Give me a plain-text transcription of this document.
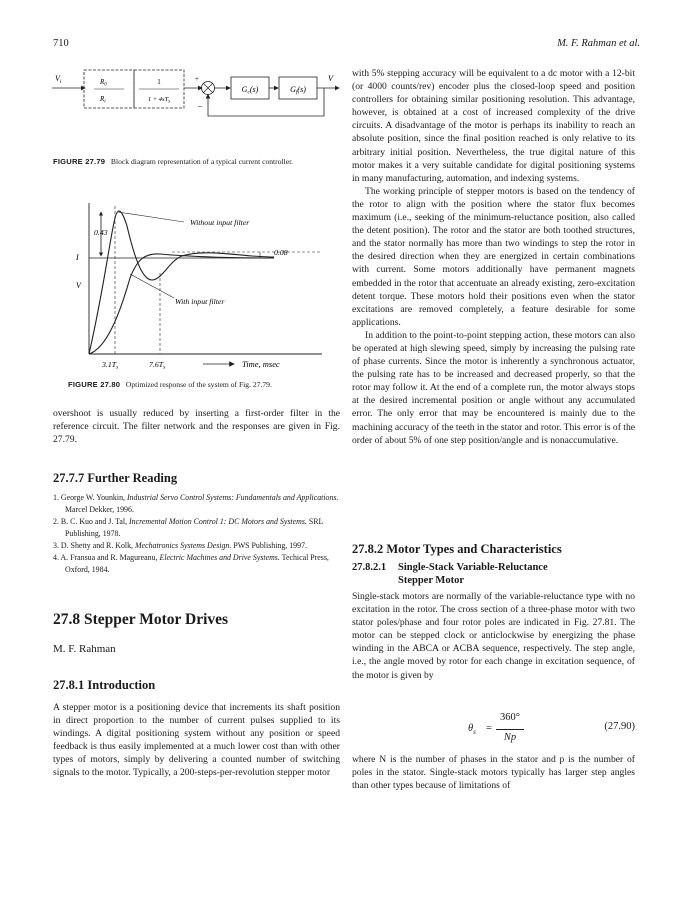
710	M. F. Rahman et al.
$V_i$	$R_0$
$R_i$
1
$1 + 4sT_s$
+
–
Gc(s)	Gf(s)
V
FIGURE 27.79 Block diagram representation of a typical current controller.
Without input filter
With input filter
0.43
0.08
I
V
3.1Ts	7.6Ts	Time, msec
FIGURE 27.80 Optimized response of the system of Fig. 27.79.

overshoot is usually reduced by inserting a first-order filter in the reference circuit. The filter network and the responses are given in Fig. 27.79.

27.7.7 Further Reading
1. George W. Younkin, Industrial Servo Control Systems: Fundamentals and Applications. Marcel Dekker, 1996.
2. B. C. Kuo and J. Tal, Incremental Motion Control 1: DC Motors and Systems. SRL Publishing, 1978.
3. D. Shetty and R. Kolk, Mechatronics Systems Design. PWS Publishing, 1997.
4. A. Fransua and R. Magureanu, Electric Machines and Drive Systems. Techical Press, Oxford, 1984.
27.8 Stepper Motor Drives
M. F. Rahman
27.8.1 Introduction

A stepper motor is a positioning device that increments its shaft position in direct proportion to the number of current pulses supplied to its windings. A digital positioning system without any position or speed feedback is thus easily implemented at a much lower cost than with other types of motors, simply by delivering a counted number of switching signals to the motor. Typically, a 200-steps-per-revolution stepper motor

with 5% stepping accuracy will be equivalent to a dc motor with a 12-bit (or 4000 counts/rev) encoder plus the closed-loop speed and position controllers for obtaining similar positioning resolution. This advantage, however, is obtained at a cost of increased complexity of the drive circuits. A disadvantage of the motor is perhaps its inability to reach an absolute position, since the final position reached is only relative to its arbitrary initial position. Nevertheless, the true digital nature of this motor makes it a very suitable candidate for digital positioning systems in many manufacturing, automation, and indexing systems.

The working principle of stepper motors is based on the tendency of the rotor to align with the position where the stator flux becomes maximum (i.e., seeking of the minimum-reluctance position, also called the detent position). The rotor and the stator are both toothed structures, and the stator normally has more than two windings to step the rotor in the desired direction when they are energized in certain combinations with current. Some motors additionally have permanent magnets embedded in the rotor that accentuate an already existing, zero-excitation detent torque. These motors hold their positions even when the stator excitations are removed completely, a feature desirable for some applications.

In addition to the point-to-point stepping action, these motors can also be operated at high slewing speed, simply by increasing the pulsing rate of phase currents. Since the motor is inherently a synchronous actuator, the pulsing rate has to be increased and decreased properly, so that the rotor may follow it. At the end of a complete run, the motor always stops at the desired incremental position or angle without any accumulated error. The only error that may be encountered is mainly due to the machining accuracy of the teeth in the stator and rotor. This error is of the order of about 5% of one step position/angle and is nonaccumulative.

27.8.2 Motor Types and Characteristics
27.8.2.1	Single-Stack Variable-Reluctance Stepper Motor

Single-stack motors are normally of the variable-reluctance type with no excitation in the rotor. The cross section of a three-phase motor with two stator poles/phase and four rotor poles are indicated in Fig. 27.81. The motor can be stepped clock or anticlockwise by energizing the phase winding in the ABCA or ACBA sequence, respectively. The step angle, i.e., the angle moved by rotor for each change in excitation sequence, of the motor is given by

$\theta_s$ =
360°
Np
(27.90)

where N is the number of phases in the stator and p is the number of poles in the stator. Single-stack motors typically has larger step angles than other types because of limitations of
